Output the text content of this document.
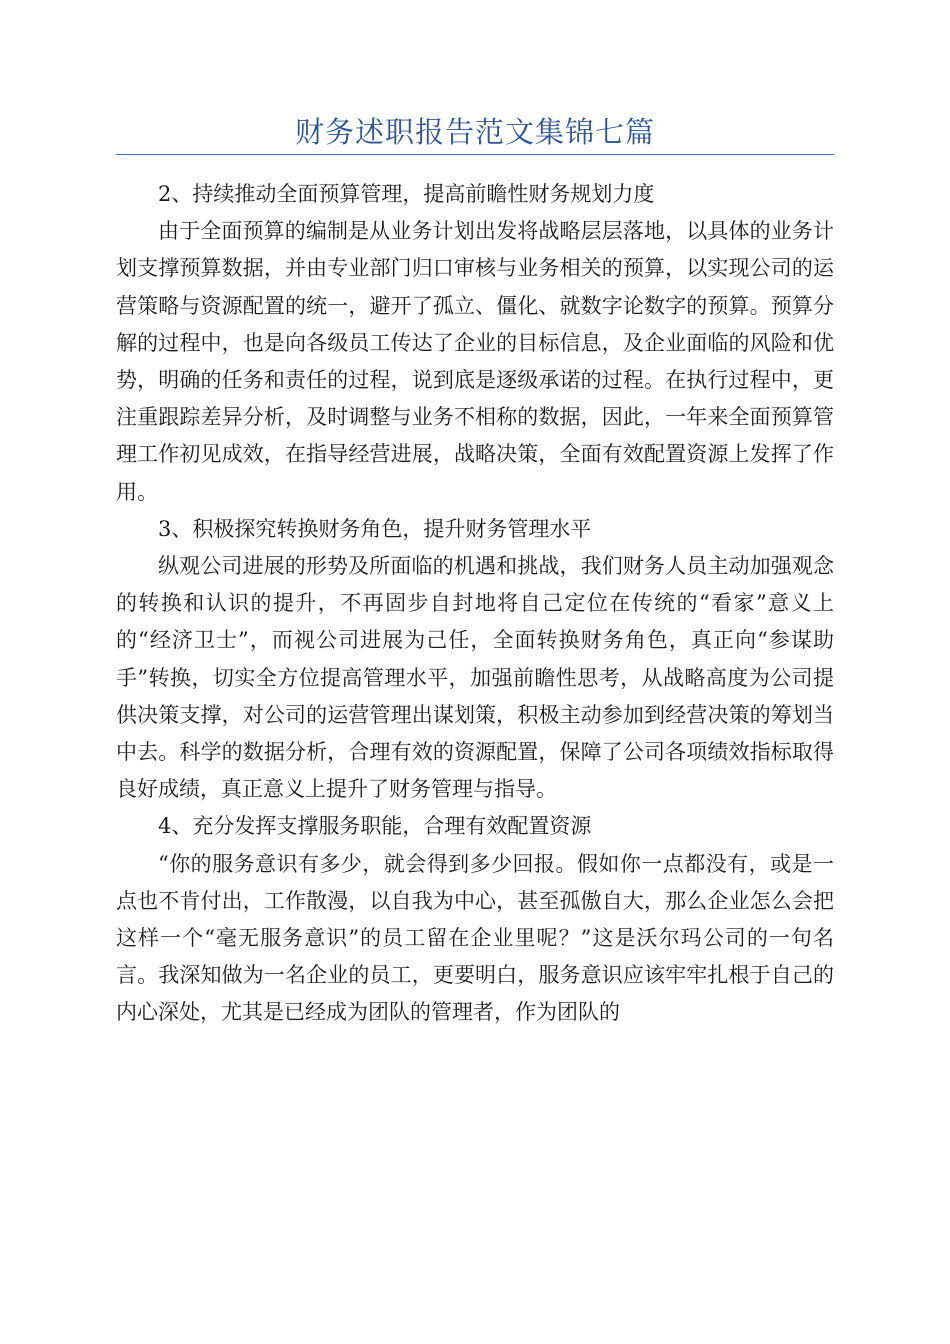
财务述职报告范文集锦七篇

2、持续推动全面预算管理，提高前瞻性财务规划力度

由于全面预算的编制是从业务计划出发将战略层层落地，以具体的业务计划支撑预算数据，并由专业部门归口审核与业务相关的预算，以实现公司的运营策略与资源配置的统一，避开了孤立、僵化、就数字论数字的预算。预算分解的过程中，也是向各级员工传达了企业的目标信息，及企业面临的风险和优势，明确的任务和责任的过程，说到底是逐级承诺的过程。在执行过程中，更注重跟踪差异分析，及时调整与业务不相称的数据，因此，一年来全面预算管理工作初见成效，在指导经营进展，战略决策，全面有效配置资源上发挥了作用。

3、积极探究转换财务角色，提升财务管理水平

纵观公司进展的形势及所面临的机遇和挑战，我们财务人员主动加强观念的转换和认识的提升，不再固步自封地将自己定位在传统的“看家”意义上的“经济卫士”，而视公司进展为己任，全面转换财务角色，真正向“参谋助手”转换，切实全方位提高管理水平，加强前瞻性思考，从战略高度为公司提供决策支撑，对公司的运营管理出谋划策，积极主动参加到经营决策的筹划当中去。科学的数据分析，合理有效的资源配置，保障了公司各项绩效指标取得良好成绩，真正意义上提升了财务管理与指导。

4、充分发挥支撑服务职能，合理有效配置资源

“你的服务意识有多少，就会得到多少回报。假如你一点都没有，或是一点也不肯付出，工作散漫，以自我为中心，甚至孤傲自大，那么企业怎么会把这样一个“毫无服务意识”的员工留在企业里呢？”这是沃尔玛公司的一句名言。我深知做为一名企业的员工，更要明白，服务意识应该牢牢扎根于自己的内心深处，尤其是已经成为团队的管理者，作为团队的
